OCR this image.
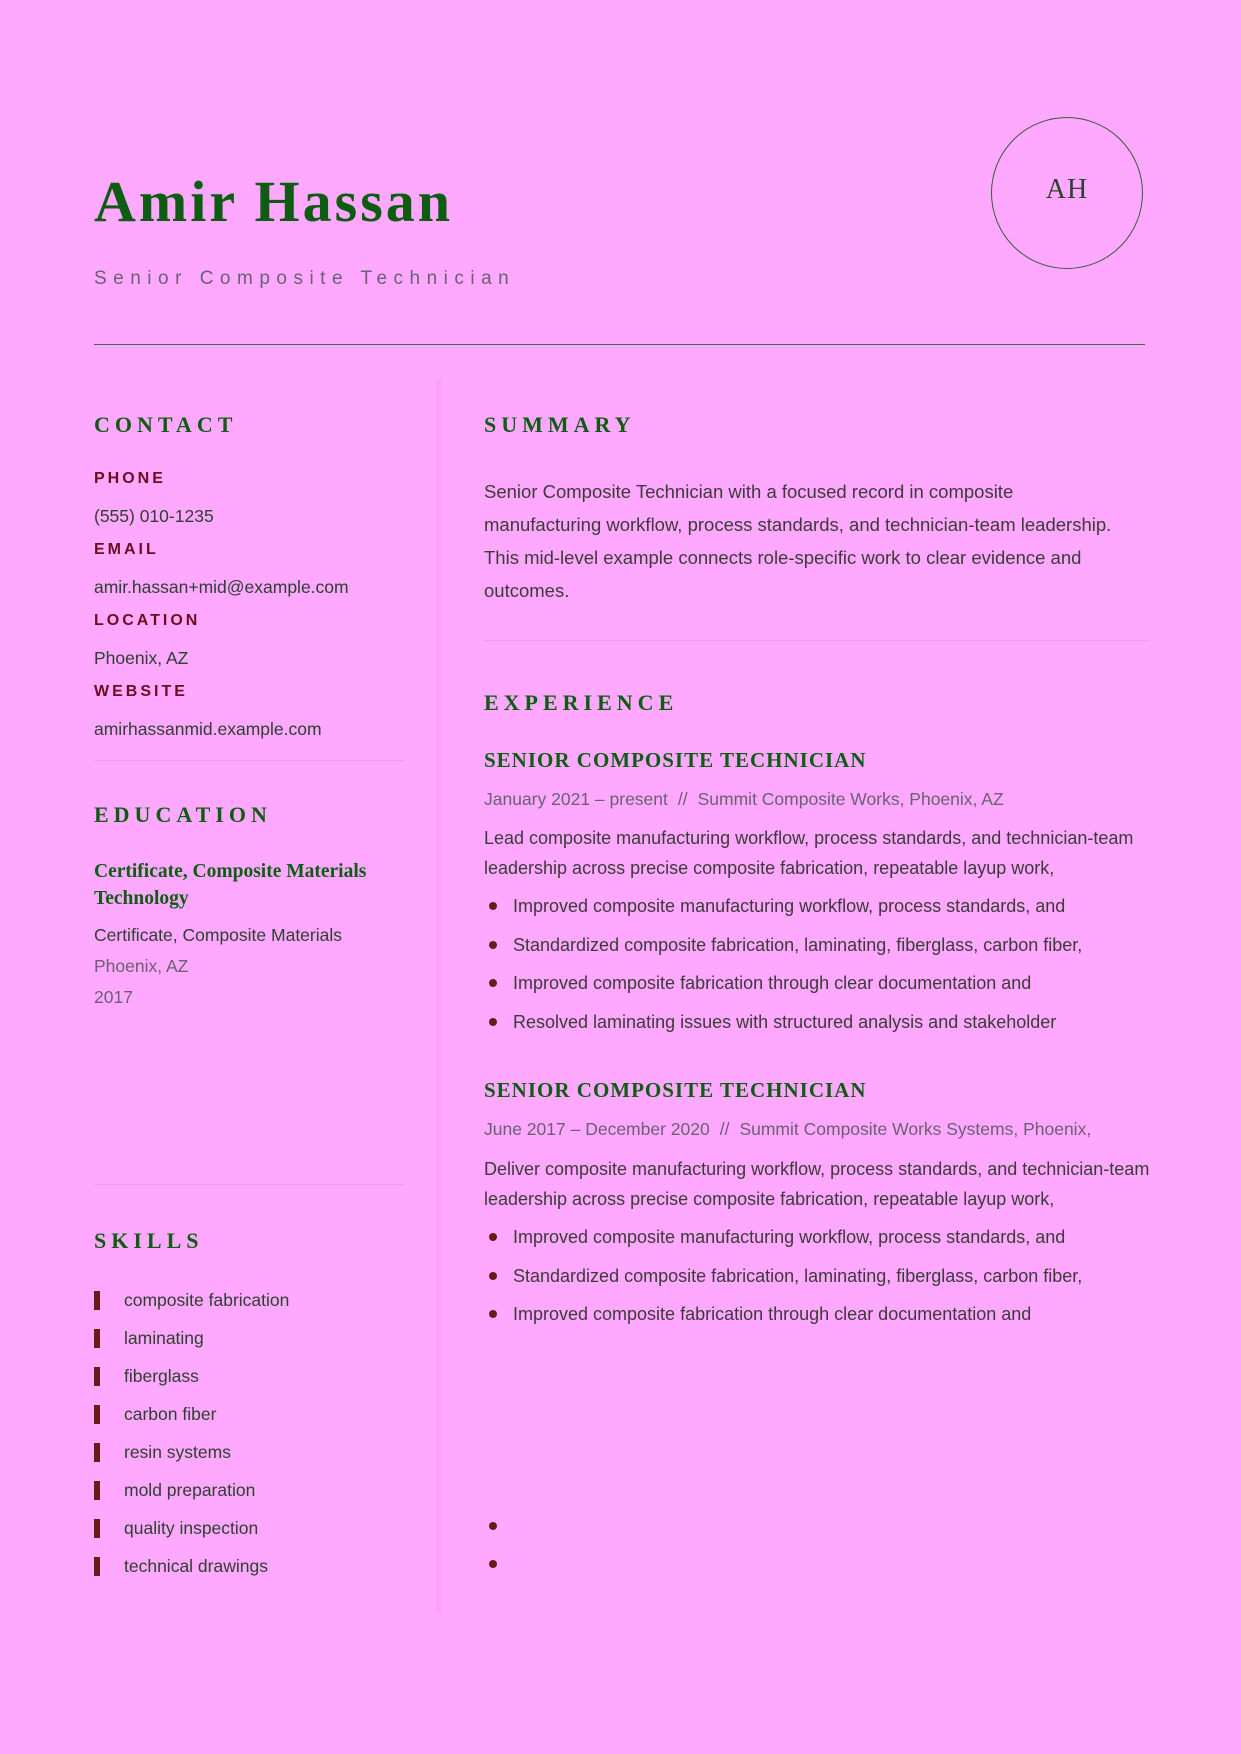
Amir Hassan
Senior Composite Technician
AH
CONTACT
PHONE
(555) 010-1235
EMAIL
amir.hassan+mid@example.com
LOCATION
Phoenix, AZ
WEBSITE
amirhassanmid.example.com
EDUCATION
Certificate, Composite Materials Technology
Certificate, Composite Materials
Phoenix, AZ
2017
SKILLS
composite fabrication
laminating
fiberglass
carbon fiber
resin systems
mold preparation
quality inspection
technical drawings
SUMMARY
Senior Composite Technician with a focused record in composite manufacturing workflow, process standards, and technician-team leadership. This mid-level example connects role-specific work to clear evidence and outcomes.
EXPERIENCE
SENIOR COMPOSITE TECHNICIAN
January 2021 – present // Summit Composite Works, Phoenix, AZ
Lead composite manufacturing workflow, process standards, and technician-team leadership across precise composite fabrication, repeatable layup work,
Improved composite manufacturing workflow, process standards, and
Standardized composite fabrication, laminating, fiberglass, carbon fiber,
Improved composite fabrication through clear documentation and
Resolved laminating issues with structured analysis and stakeholder
SENIOR COMPOSITE TECHNICIAN
June 2017 – December 2020 // Summit Composite Works Systems, Phoenix,
Deliver composite manufacturing workflow, process standards, and technician-team leadership across precise composite fabrication, repeatable layup work,
Improved composite manufacturing workflow, process standards, and
Standardized composite fabrication, laminating, fiberglass, carbon fiber,
Improved composite fabrication through clear documentation and
